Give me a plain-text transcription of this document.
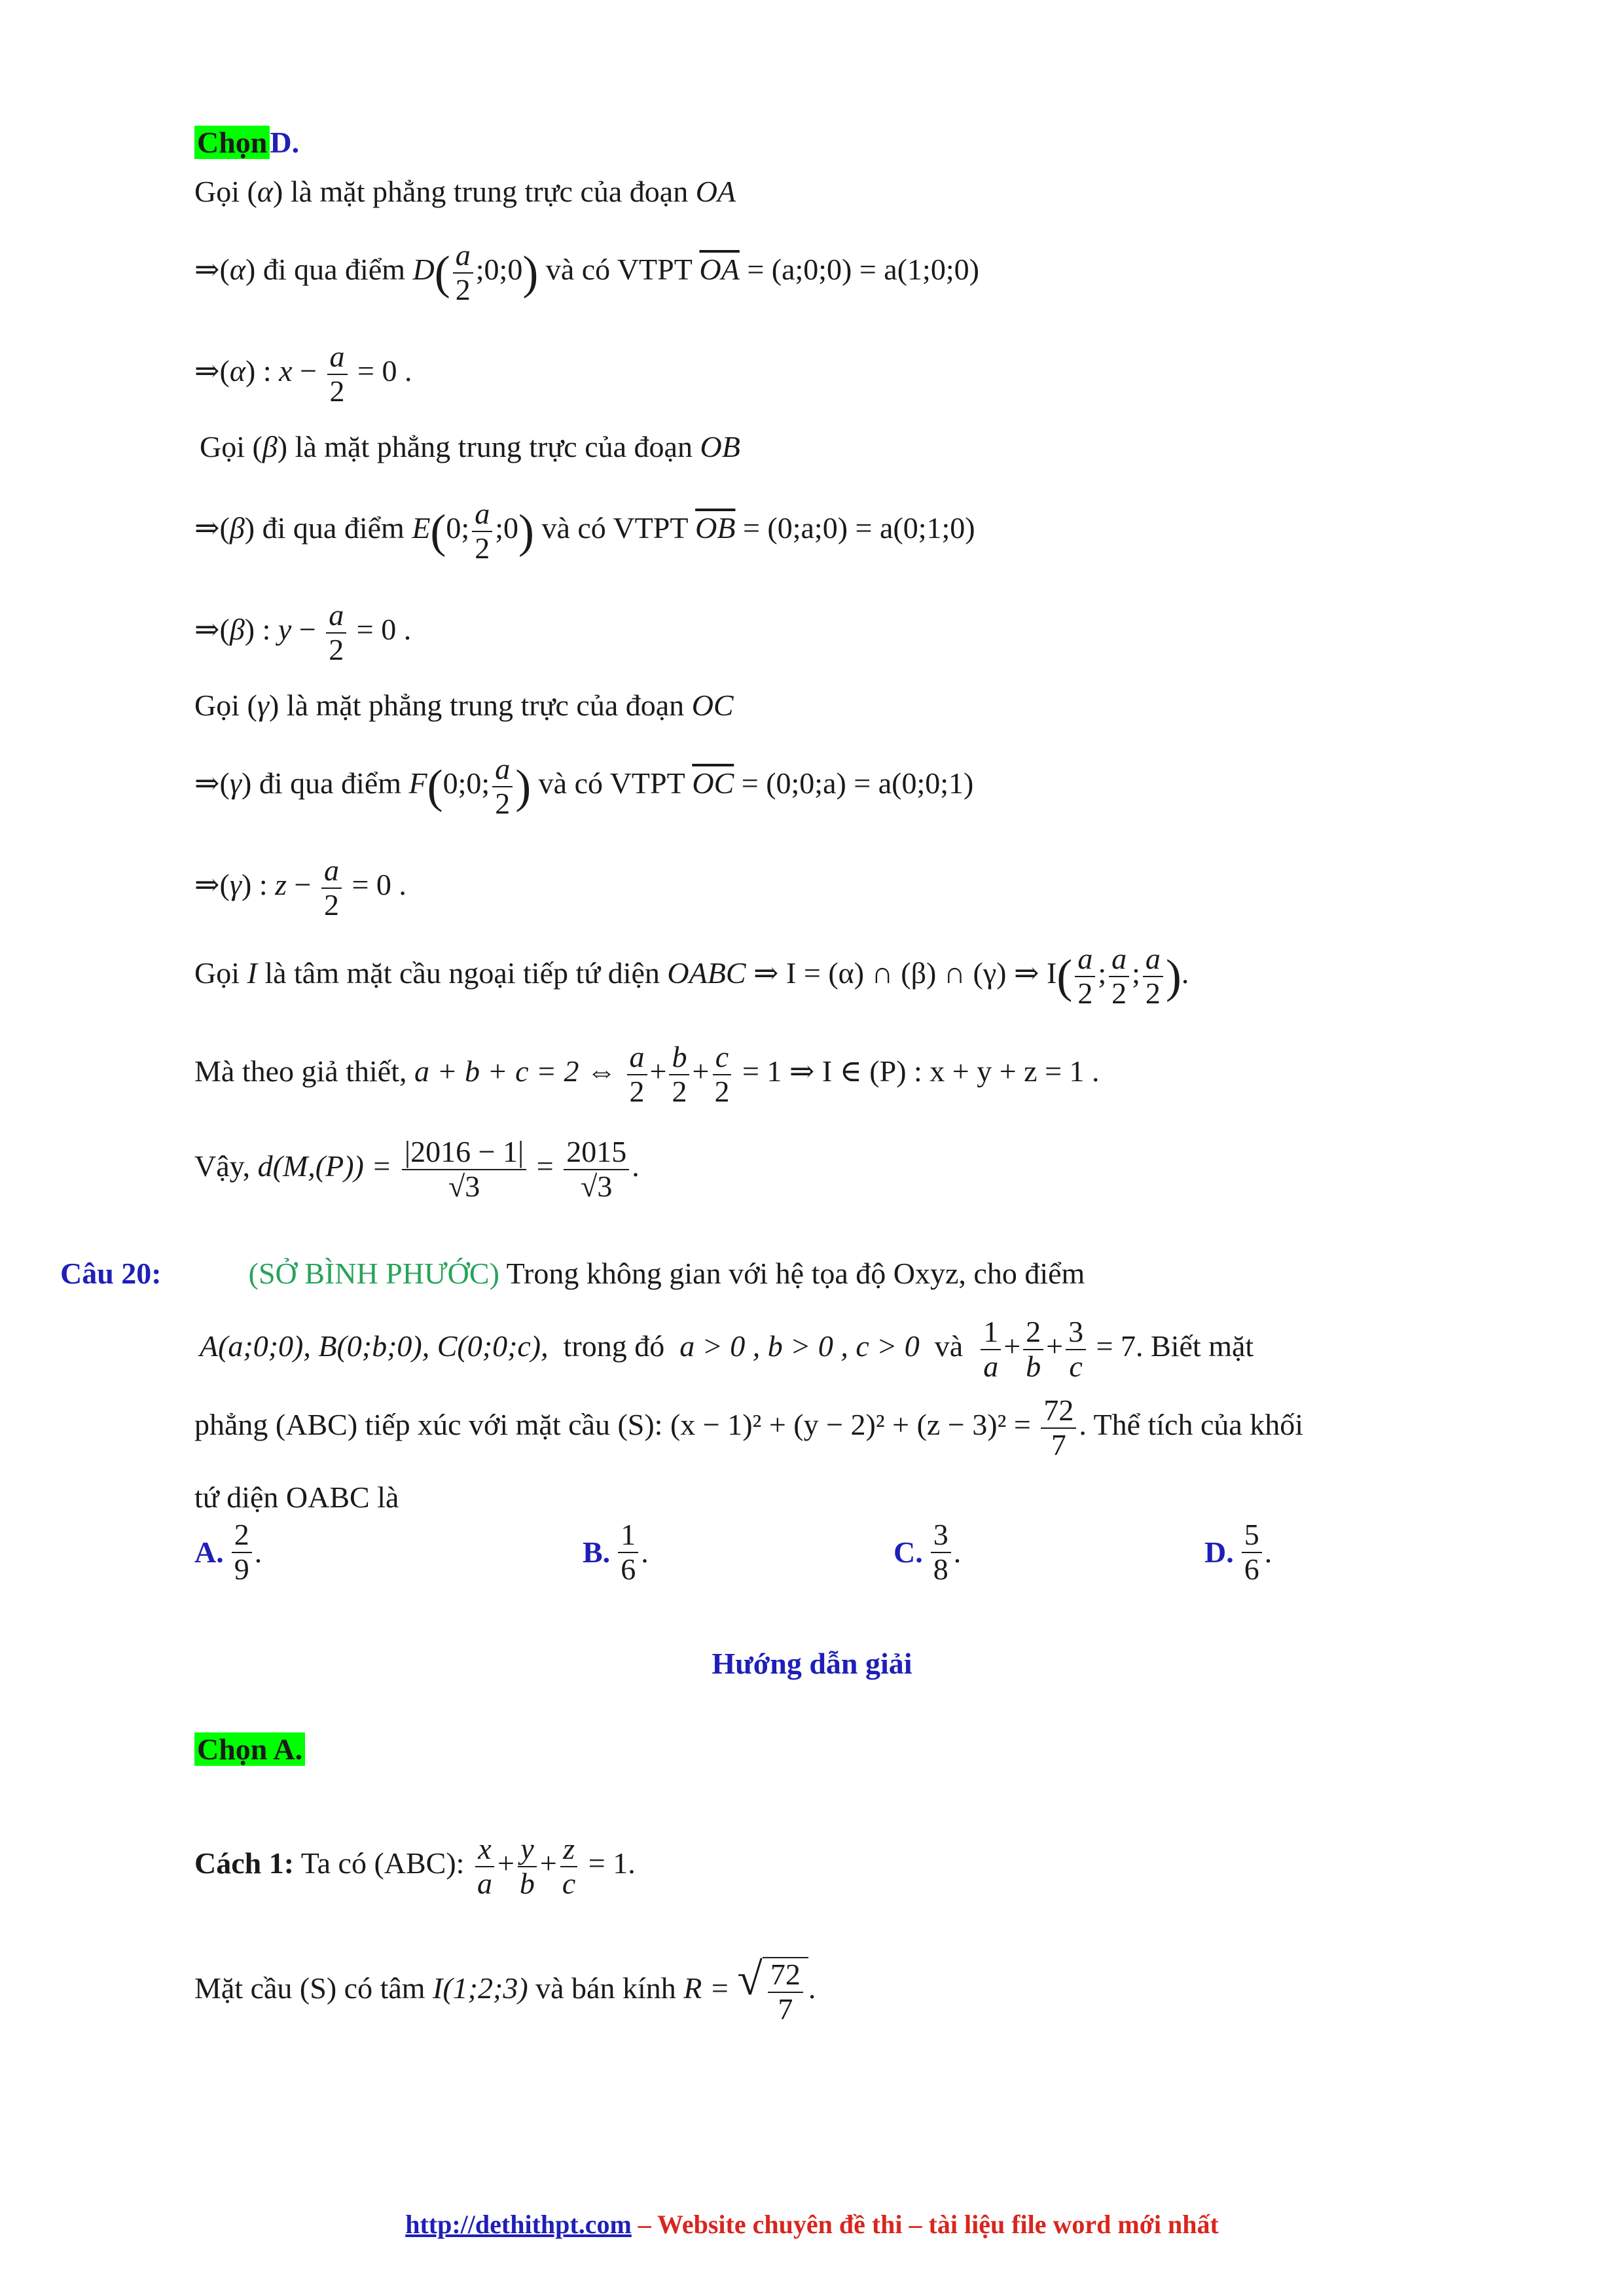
ChọnD.
Gọi (α) là mặt phẳng trung trực của đoạn OA
⇒(α) đi qua điểm $D( \frac{a}{2}$ ;0;0) và có VTPT $\overline{OA}$ = (a;0;0) = a(1;0;0)
⇒(α) : $x - \frac{a}{2} = 0$ .
Gọi (β) là mặt phẳng trung trực của đoạn OB
⇒(β) đi qua điểm E(0; $\frac{a}{2}$ ;0) và có VTPT $\overline{OB}$ = (0;a;0) = a(0;1;0)
⇒(β) : $y - \frac{a}{2} = 0$ .
Gọi (γ) là mặt phẳng trung trực của đoạn OC
⇒(γ) đi qua điểm F(0;0; $\frac{a}{2}$ ) và có VTPT $\overline{OC}$ = (0;0;a) = a(0;0;1)
⇒(γ) : $z - \frac{a}{2} = 0$ .
Gọi I là tâm mặt cầu ngoại tiếp tứ diện OABC ⇒ I = (α) ∩ (β) ∩ (γ) ⇒ $I( \frac{a}{2}$ ; $\frac{a}{2}$ ; $\frac{a}{2}$ ).
Mà theo giả thiết, a + b + c = 2 ⇔ $\frac{a}{2} + \frac{b}{2} + \frac{c}{2} = 1$ ⇒ I ∈ (P) : x + y + z = 1 .
Vậy, $d(M,(P)) = \frac{|2016 - 1|}{√3} = \frac{2015}{√3}$ .
Câu 20:	(SỞ BÌNH PHƯỚC) Trong không gian với hệ tọa độ Oxyz, cho điểm
A(a;0;0), B(0;b;0), C(0;0;c), trong đó a > 0 , b > 0 , c > 0 và $\frac{1}{a} + \frac{2}{b} + \frac{3}{c} = 7$. Biết mặt
phẳng (ABC) tiếp xúc với mặt cầu (S): $(x - 1)^2 + (y - 2)^2 + (z - 3)^2 = \frac{72}{7}$ . Thể tích của khối
tứ diện OABC là
A. $\frac{2}{9}$ .	B. $\frac{1}{6}$ .	C. $\frac{3}{8}$ .	D. $\frac{5}{6}$ .
Hướng dẫn giải
Chọn A.
Cách 1: Ta có (ABC): $\frac{x}{a} + \frac{y}{b} + \frac{z}{c} = 1$.
Mặt cầu (S) có tâm I(1;2;3) và bán kính R = √ $\frac{72}{7}$ .
http://dethithpt.com – Website chuyên đề thi – tài liệu file word mới nhất
